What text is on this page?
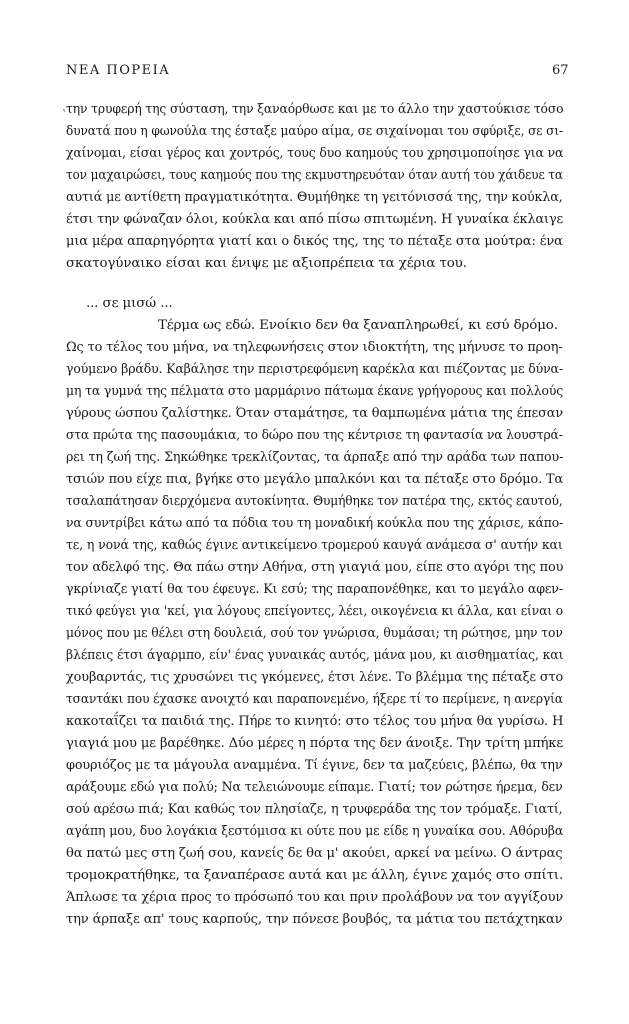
ΝΕΑ ΠΟΡΕΙΑ	67
ʽ την τρυφερή της σύσταση, την ξαναόρθωσε και με το άλλο την χαστούκισε τόσο
δυνατά που η φωνούλα της έσταξε μαύρο αίμα, σε σιχαίνομαι του σφύριξε, σε σι-
χαίνομαι, είσαι γέρος και χοντρός, τους δυο καημούς του χρησιμοποίησε για να
τον μαχαιρώσει, τους καημούς που της εκμυστηρευόταν όταν αυτή του χάιδευε τα
αυτιά με αντίθετη πραγματικότητα. Θυμήθηκε τη γειτόνισσά της, την κούκλα,
έτσι την φώναζαν όλοι, κούκλα και από πίσω σπιτωμένη. Η γυναίκα έκλαιγε
μια μέρα απαρηγόρητα γιατί και ο δικός της, της το πέταξε στα μούτρα: ένα
σκατογύναικο είσαι και ένιψε με αξιοπρέπεια τα χέρια του.
... σε μισώ ...
Τέρμα ως εδώ. Ενοίκιο δεν θα ξαναπληρωθεί, κι εσύ δρόμο.
Ως το τέλος του μήνα, να τηλεφωνήσεις στον ιδιοκτήτη, της μήνυσε το προη-
γούμενο βράδυ. Καβάλησε την περιστρεφόμενη καρέκλα και πιέζοντας με δύνα-
μη τα γυμνά της πέλματα στο μαρμάρινο πάτωμα έκανε γρήγορους και πολλούς
γύρους ώσπου ζαλίστηκε. Όταν σταμάτησε, τα θαμπωμένα μάτια της έπεσαν
στα πρώτα της πασουμάκια, το δώρο που της κέντρισε τη φαντασία να λουστρά-
ρει τη ζωή της. Σηκώθηκε τρεκλίζοντας, τα άρπαξε από την αράδα των παπου-
τσιών που είχε πια, βγήκε στο μεγάλο μπαλκόνι και τα πέταξε στο δρόμο. Τα
τσαλαπάτησαν διερχόμενα αυτοκίνητα. Θυμήθηκε τον πατέρα της, εκτός εαυτού,
να συντρίβει κάτω από τα πόδια του τη μοναδική κούκλα που της χάρισε, κάπο-
τε, η νονά της, καθώς έγινε αντικείμενο τρομερού καυγά ανάμεσα σ' αυτήν και
τον αδελφό της. Θα πάω στην Αθήνα, στη γιαγιά μου, είπε στο αγόρι της που
γκρίνιαζε γιατί θα του έφευγε. Κι εσύ; της παραπονέθηκε, και το μεγάλο αφεν-
τικό φεύγει για 'κεί, για λόγους επείγοντες, λέει, οικογένεια κι άλλα, και είναι ο
μόνος που με θέλει στη δουλειά, σού τον γνώρισα, θυμάσαι; τη ρώτησε, μην τον
βλέπεις έτσι άγαρμπο, είν' ένας γυναικάς αυτός, μάνα μου, κι αισθηματίας, και
χουβαρντάς, τις χρυσώνει τις γκόμενες, έτσι λένε. Το βλέμμα της πέταξε στο
τσαντάκι που έχασκε ανοιχτό και παραπονεμένο, ήξερε τί το περίμενε, η ανεργία
κακοταΐζει τα παιδιά της. Πήρε το κινητό: στο τέλος του μήνα θα γυρίσω. Η
γιαγιά μου με βαρέθηκε. Δύο μέρες η πόρτα της δεν άνοιξε. Την τρίτη μπήκε
φουριόζος με τα μάγουλα αναμμένα. Τί έγινε, δεν τα μαζεύεις, βλέπω, θα την
αράξουμε εδώ για πολύ; Να τελειώνουμε είπαμε. Γιατί; τον ρώτησε ήρεμα, δεν
σού αρέσω πιά; Και καθώς τον πλησίαζε, η τρυφεράδα της τον τρόμαξε. Γιατί,
αγάπη μου, δυο λογάκια ξεστόμισα κι ούτε που με είδε η γυναίκα σου. Αθόρυβα
θα πατώ μες στη ζωή σου, κανείς δε θα μ' ακούει, αρκεί να μείνω. Ο άντρας
τρομοκρατήθηκε, τα ξαναπέρασε αυτά και με άλλη, έγινε χαμός στο σπίτι.
Άπλωσε τα χέρια προς το πρόσωπό του και πριν προλάβουν να τον αγγίξουν
την άρπαξε απ' τους καρπούς, την πόνεσε βουβός, τα μάτια του πετάχτηκαν
